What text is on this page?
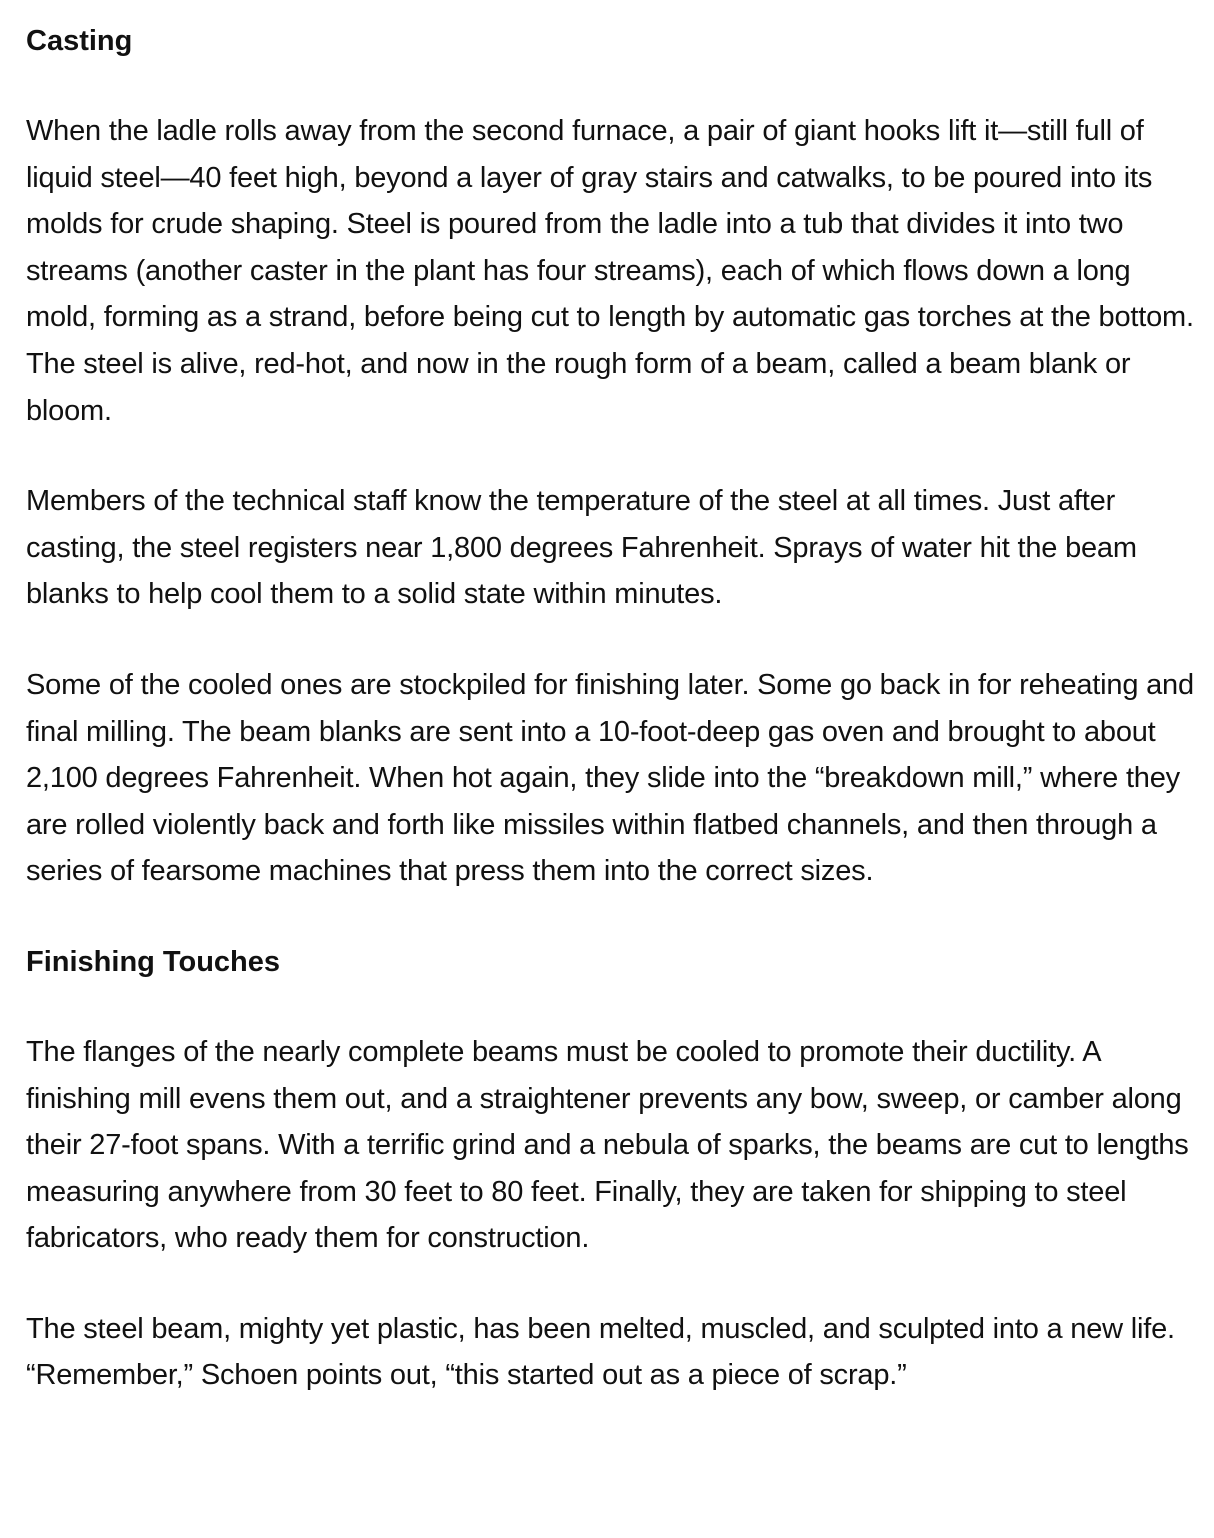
Casting

When the ladle rolls away from the second furnace, a pair of giant hooks lift it—still full of liquid steel—40 feet high, beyond a layer of gray stairs and catwalks, to be poured into its molds for crude shaping. Steel is poured from the ladle into a tub that divides it into two streams (another caster in the plant has four streams), each of which flows down a long mold, forming as a strand, before being cut to length by automatic gas torches at the bottom. The steel is alive, red-hot, and now in the rough form of a beam, called a beam blank or bloom.

Members of the technical staff know the temperature of the steel at all times. Just after casting, the steel registers near 1,800 degrees Fahrenheit. Sprays of water hit the beam blanks to help cool them to a solid state within minutes.

Some of the cooled ones are stockpiled for finishing later. Some go back in for reheating and final milling. The beam blanks are sent into a 10-foot-deep gas oven and brought to about 2,100 degrees Fahrenheit. When hot again, they slide into the “breakdown mill,” where they are rolled violently back and forth like missiles within flatbed channels, and then through a series of fearsome machines that press them into the correct sizes.

Finishing Touches

The flanges of the nearly complete beams must be cooled to promote their ductility. A finishing mill evens them out, and a straightener prevents any bow, sweep, or camber along their 27-foot spans. With a terrific grind and a nebula of sparks, the beams are cut to lengths measuring anywhere from 30 feet to 80 feet. Finally, they are taken for shipping to steel fabricators, who ready them for construction.

The steel beam, mighty yet plastic, has been melted, muscled, and sculpted into a new life. “Remember,” Schoen points out, “this started out as a piece of scrap.”
